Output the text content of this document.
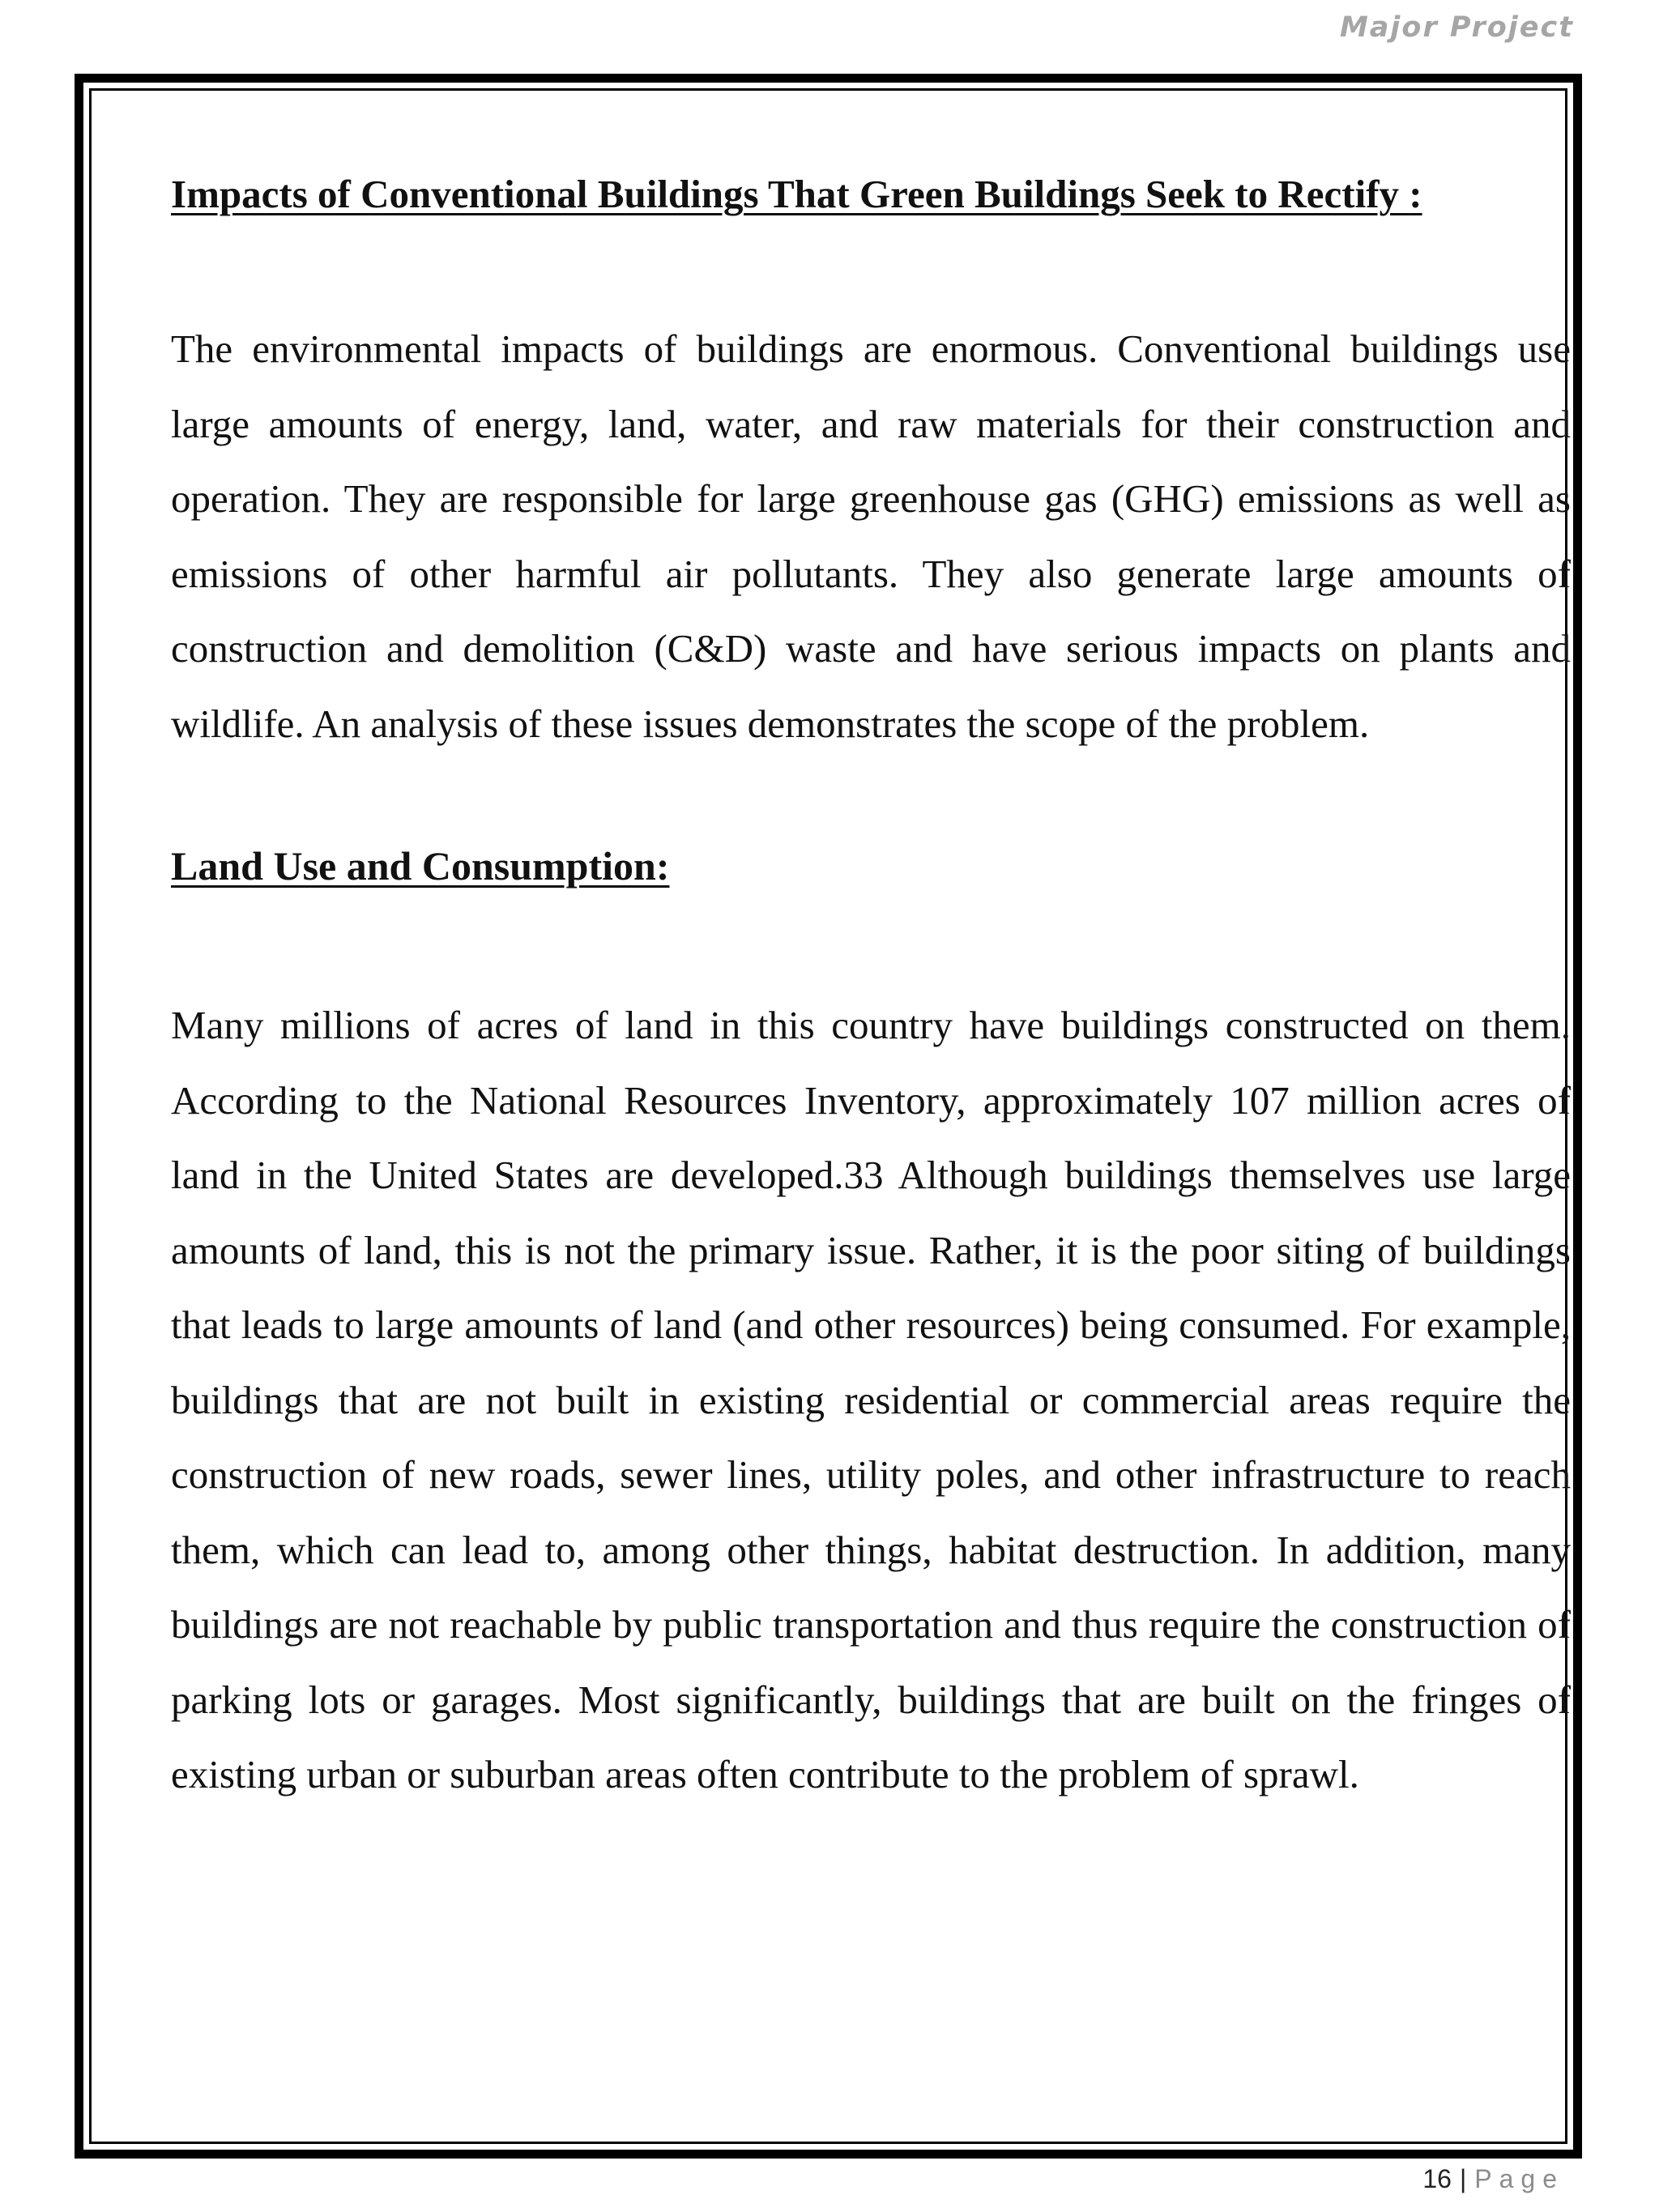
Major Project
Impacts of Conventional Buildings That Green Buildings Seek to Rectify :

The environmental impacts of buildings are enormous. Conventional buildings use large amounts of energy, land, water, and raw materials for their construction and operation. They are responsible for large greenhouse gas (GHG) emissions as well as emissions of other harmful air pollutants. They also generate large amounts of construction and demolition (C&D) waste and have serious impacts on plants and wildlife. An analysis of these issues demonstrates the scope of the problem.

Land Use and Consumption:

Many millions of acres of land in this country have buildings constructed on them. According to the National Resources Inventory, approximately 107 million acres of land in the United States are developed.33 Although buildings themselves use large amounts of land, this is not the primary issue. Rather, it is the poor siting of buildings that leads to large amounts of land (and other resources) being consumed. For example, buildings that are not built in existing residential or commercial areas require the construction of new roads, sewer lines, utility poles, and other infrastructure to reach them, which can lead to, among other things, habitat destruction. In addition, many buildings are not reachable by public transportation and thus require the construction of parking lots or garages. Most significantly, buildings that are built on the fringes of existing urban or suburban areas often contribute to the problem of sprawl.

16 | Page
